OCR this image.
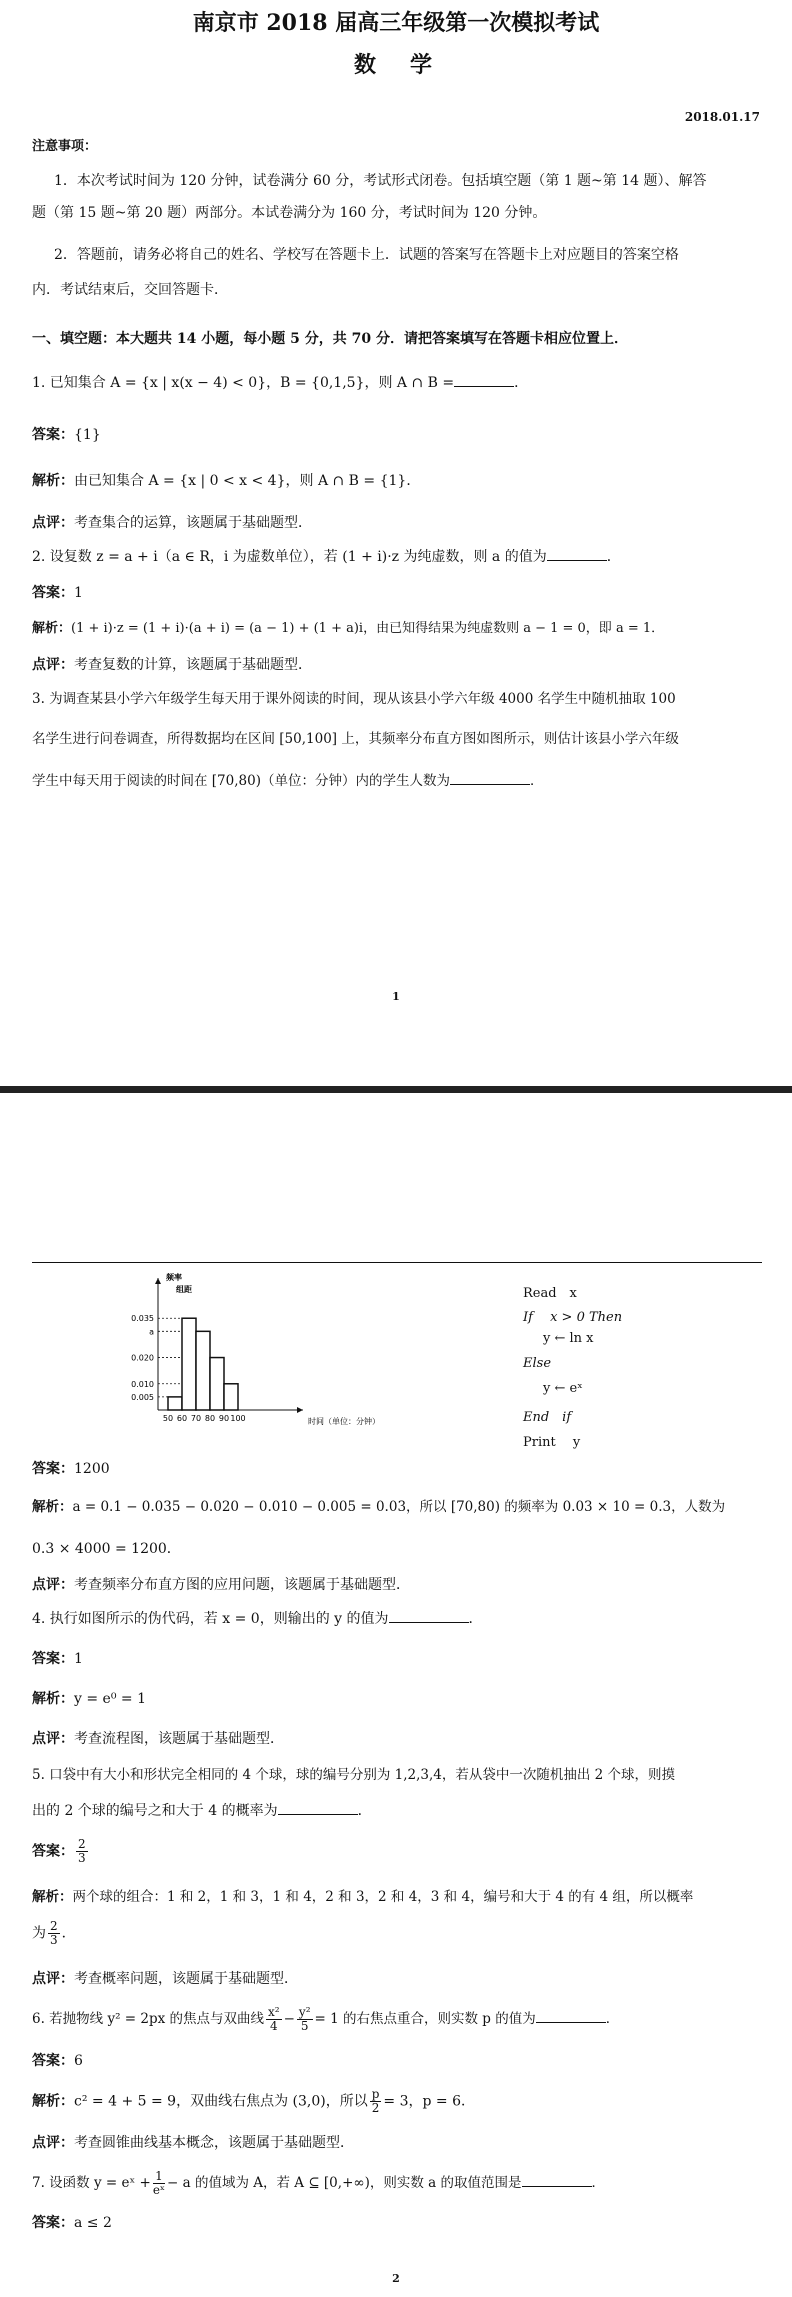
南京市 2018 届高三年级第一次模拟考试
数　学
2018.01.17
注意事项：
1．本次考试时间为 120 分钟，试卷满分 60 分，考试形式闭卷。包括填空题（第 1 题~第 14 题）、解答
题（第 15 题~第 20 题）两部分。本试卷满分为 160 分，考试时间为 120 分钟。
2．答题前，请务必将自己的姓名、学校写在答题卡上．试题的答案写在答题卡上对应题目的答案空格
内．考试结束后，交回答题卡．
一、填空题：本大题共 14 小题，每小题 5 分，共 70 分．请把答案填写在答题卡相应位置上．
1. 已知集合 A = {x | x(x − 4) < 0}，B = {0,1,5}，则 A ∩ B =	．
答案：{1}
解析：由已知集合 A = {x | 0 < x < 4}，则 A ∩ B = {1}．
点评：考查集合的运算，该题属于基础题型．
2. 设复数 z = a + i（a ∈ R，i 为虚数单位），若 (1 + i)·z 为纯虚数，则 a 的值为	．
答案：1
解析：(1 + i)·z = (1 + i)·(a + i) = (a − 1) + (1 + a)i，由已知得结果为纯虚数则 a − 1 = 0，即 a = 1．
点评：考查复数的计算，该题属于基础题型．
3. 为调查某县小学六年级学生每天用于课外阅读的时间，现从该县小学六年级 4000 名学生中随机抽取 100
名学生进行问卷调查，所得数据均在区间 [50,100] 上，其频率分布直方图如图所示，则估计该县小学六年级
学生中每天用于阅读的时间在 [70,80)（单位：分钟）内的学生人数为	．
1
0.035
a
0.020
0.010
0.005
50 60 70 80 90 100
频率
组距
时间（单位：分钟）
Read　x
If　 x > 0 Then
y ← ln x
Else
y ← eˣ
End　if
Print　 y
答案：1200
解析：a = 0.1 − 0.035 − 0.020 − 0.010 − 0.005 = 0.03，所以 [70,80) 的频率为 0.03 × 10 = 0.3，人数为
0.3 × 4000 = 1200．
点评：考查频率分布直方图的应用问题，该题属于基础题型．
4. 执行如图所示的伪代码，若 x = 0，则输出的 y 的值为	．
答案：1
解析：y = e⁰ = 1
点评：考查流程图，该题属于基础题型．
5. 口袋中有大小和形状完全相同的 4 个球，球的编号分别为 1,2,3,4，若从袋中一次随机抽出 2 个球，则摸
出的 2 个球的编号之和大于 4 的概率为	．
答案： $\frac{2}{3}$
解析：两个球的组合：1 和 2，1 和 3，1 和 4，2 和 3，2 和 4，3 和 4，编号和大于 4 的有 4 组，所以概率
为 $\frac{2}{3}$ ．
点评：考查概率问题，该题属于基础题型．
6. 若抛物线 y² = 2px 的焦点与双曲线 $\frac{\text{x²}}{4} - \frac{\text{y²}}{5} = 1$ 的右焦点重合，则实数 p 的值为	．
答案：6
解析：c² = 4 + 5 = 9，双曲线右焦点为 (3,0)，所以 $\frac{p}{2} = 3$，p = 6．
点评：考查圆锥曲线基本概念，该题属于基础题型．
7. 设函数 y = eˣ + $\frac{1}{\text{eˣ}} - a$ 的值域为 A，若 A ⊆ [0,+∞)，则实数 a 的取值范围是	．
答案：a ≤ 2
2
